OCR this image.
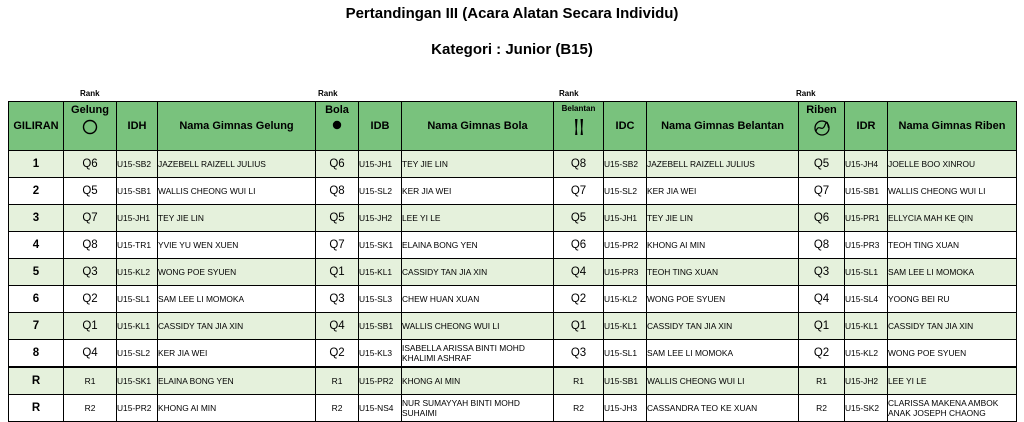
Pertandingan III (Acara Alatan Secara Individu)
Kategori : Junior (B15)
Rank	Rank	Rank	Rank
GILIRAN	Gelung	IDH	Nama Gimnas Gelung	Bola	IDB	Nama Gimnas Bola	Belantan	IDC	Nama Gimnas Belantan	Riben	IDR	Nama Gimnas Riben
1	Q6	U15-SB2	JAZEBELL RAIZELL JULIUS	Q6	U15-JH1	TEY JIE LIN	Q8	U15-SB2	JAZEBELL RAIZELL JULIUS	Q5	U15-JH4	JOELLE BOO XINROU
2	Q5	U15-SB1	WALLIS CHEONG WUI LI	Q8	U15-SL2	KER JIA WEI	Q7	U15-SL2	KER JIA WEI	Q7	U15-SB1	WALLIS CHEONG WUI LI
3	Q7	U15-JH1	TEY JIE LIN	Q5	U15-JH2	LEE YI LE	Q5	U15-JH1	TEY JIE LIN	Q6	U15-PR1	ELLYCIA MAH KE QIN
4	Q8	U15-TR1	YVIE YU WEN XUEN	Q7	U15-SK1	ELAINA BONG YEN	Q6	U15-PR2	KHONG AI MIN	Q8	U15-PR3	TEOH TING XUAN
5	Q3	U15-KL2	WONG POE SYUEN	Q1	U15-KL1	CASSIDY TAN JIA XIN	Q4	U15-PR3	TEOH TING XUAN	Q3	U15-SL1	SAM LEE LI MOMOKA
6	Q2	U15-SL1	SAM LEE LI MOMOKA	Q3	U15-SL3	CHEW HUAN XUAN	Q2	U15-KL2	WONG POE SYUEN	Q4	U15-SL4	YOONG BEI RU
7	Q1	U15-KL1	CASSIDY TAN JIA XIN	Q4	U15-SB1	WALLIS CHEONG WUI LI	Q1	U15-KL1	CASSIDY TAN JIA XIN	Q1	U15-KL1	CASSIDY TAN JIA XIN
8	Q4	U15-SL2	KER JIA WEI	Q2	U15-KL3	ISABELLA ARISSA BINTI MOHD KHALIMI ASHRAF	Q3	U15-SL1	SAM LEE LI MOMOKA	Q2	U15-KL2	WONG POE SYUEN
R	R1	U15-SK1	ELAINA BONG YEN	R1	U15-PR2	KHONG AI MIN	R1	U15-SB1	WALLIS CHEONG WUI LI	R1	U15-JH2	LEE YI LE
R	R2	U15-PR2	KHONG AI MIN	R2	U15-NS4	NUR SUMAYYAH BINTI MOHD SUHAIMI	R2	U15-JH3	CASSANDRA TEO KE XUAN	R2	U15-SK2	CLARISSA MAKENA AMBOK ANAK JOSEPH CHAONG
